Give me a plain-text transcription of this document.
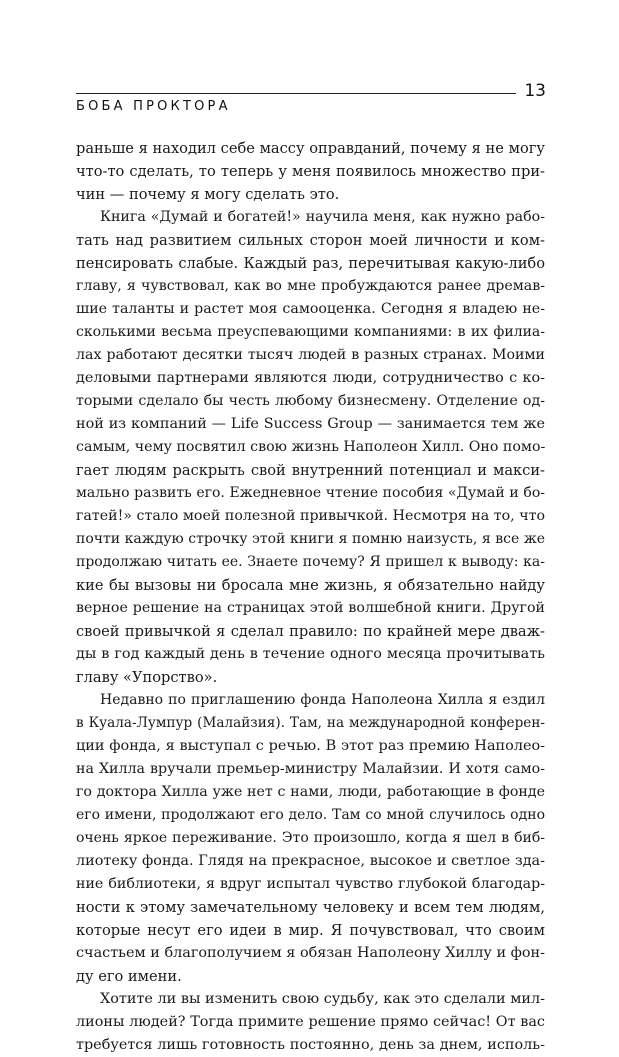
13
БОБА ПРОКТОРА
раньше я находил себе массу оправданий, почему я не могу
что-то сделать, то теперь у меня появилось множество при-
чин — почему я могу сделать это.
Книга «Думай и богатей!» научила меня, как нужно рабо-
тать над развитием сильных сторон моей личности и ком-
пенсировать слабые. Каждый раз, перечитывая какую-либо
главу, я чувствовал, как во мне пробуждаются ранее дремав-
шие таланты и растет моя самооценка. Сегодня я владею не-
сколькими весьма преуспевающими компаниями: в их филиа-
лах работают десятки тысяч людей в разных странах. Моими
деловыми партнерами являются люди, сотрудничество с ко-
торыми сделало бы честь любому бизнесмену. Отделение од-
ной из компаний — Life Success Group — занимается тем же
самым, чему посвятил свою жизнь Наполеон Хилл. Оно помо-
гает людям раскрыть свой внутренний потенциал и макси-
мально развить его. Ежедневное чтение пособия «Думай и бо-
гатей!» стало моей полезной привычкой. Несмотря на то, что
почти каждую строчку этой книги я помню наизусть, я все же
продолжаю читать ее. Знаете почему? Я пришел к выводу: ка-
кие бы вызовы ни бросала мне жизнь, я обязательно найду
верное решение на страницах этой волшебной книги. Другой
своей привычкой я сделал правило: по крайней мере дваж-
ды в год каждый день в течение одного месяца прочитывать
главу «Упорство».
Недавно по приглашению фонда Наполеона Хилла я ездил
в Куала-Лумпур (Малайзия). Там, на международной конферен-
ции фонда, я выступал с речью. В этот раз премию Наполео-
на Хилла вручали премьер-министру Малайзии. И хотя само-
го доктора Хилла уже нет с нами, люди, работающие в фонде
его имени, продолжают его дело. Там со мной случилось одно
очень яркое переживание. Это произошло, когда я шел в биб-
лиотеку фонда. Глядя на прекрасное, высокое и светлое зда-
ние библиотеки, я вдруг испытал чувство глубокой благодар-
ности к этому замечательному человеку и всем тем людям,
которые несут его идеи в мир. Я почувствовал, что своим
счастьем и благополучием я обязан Наполеону Хиллу и фон-
ду его имени.
Хотите ли вы изменить свою судьбу, как это сделали мил-
лионы людей? Тогда примите решение прямо сейчас! От вас
требуется лишь готовность постоянно, день за днем, исполь-
